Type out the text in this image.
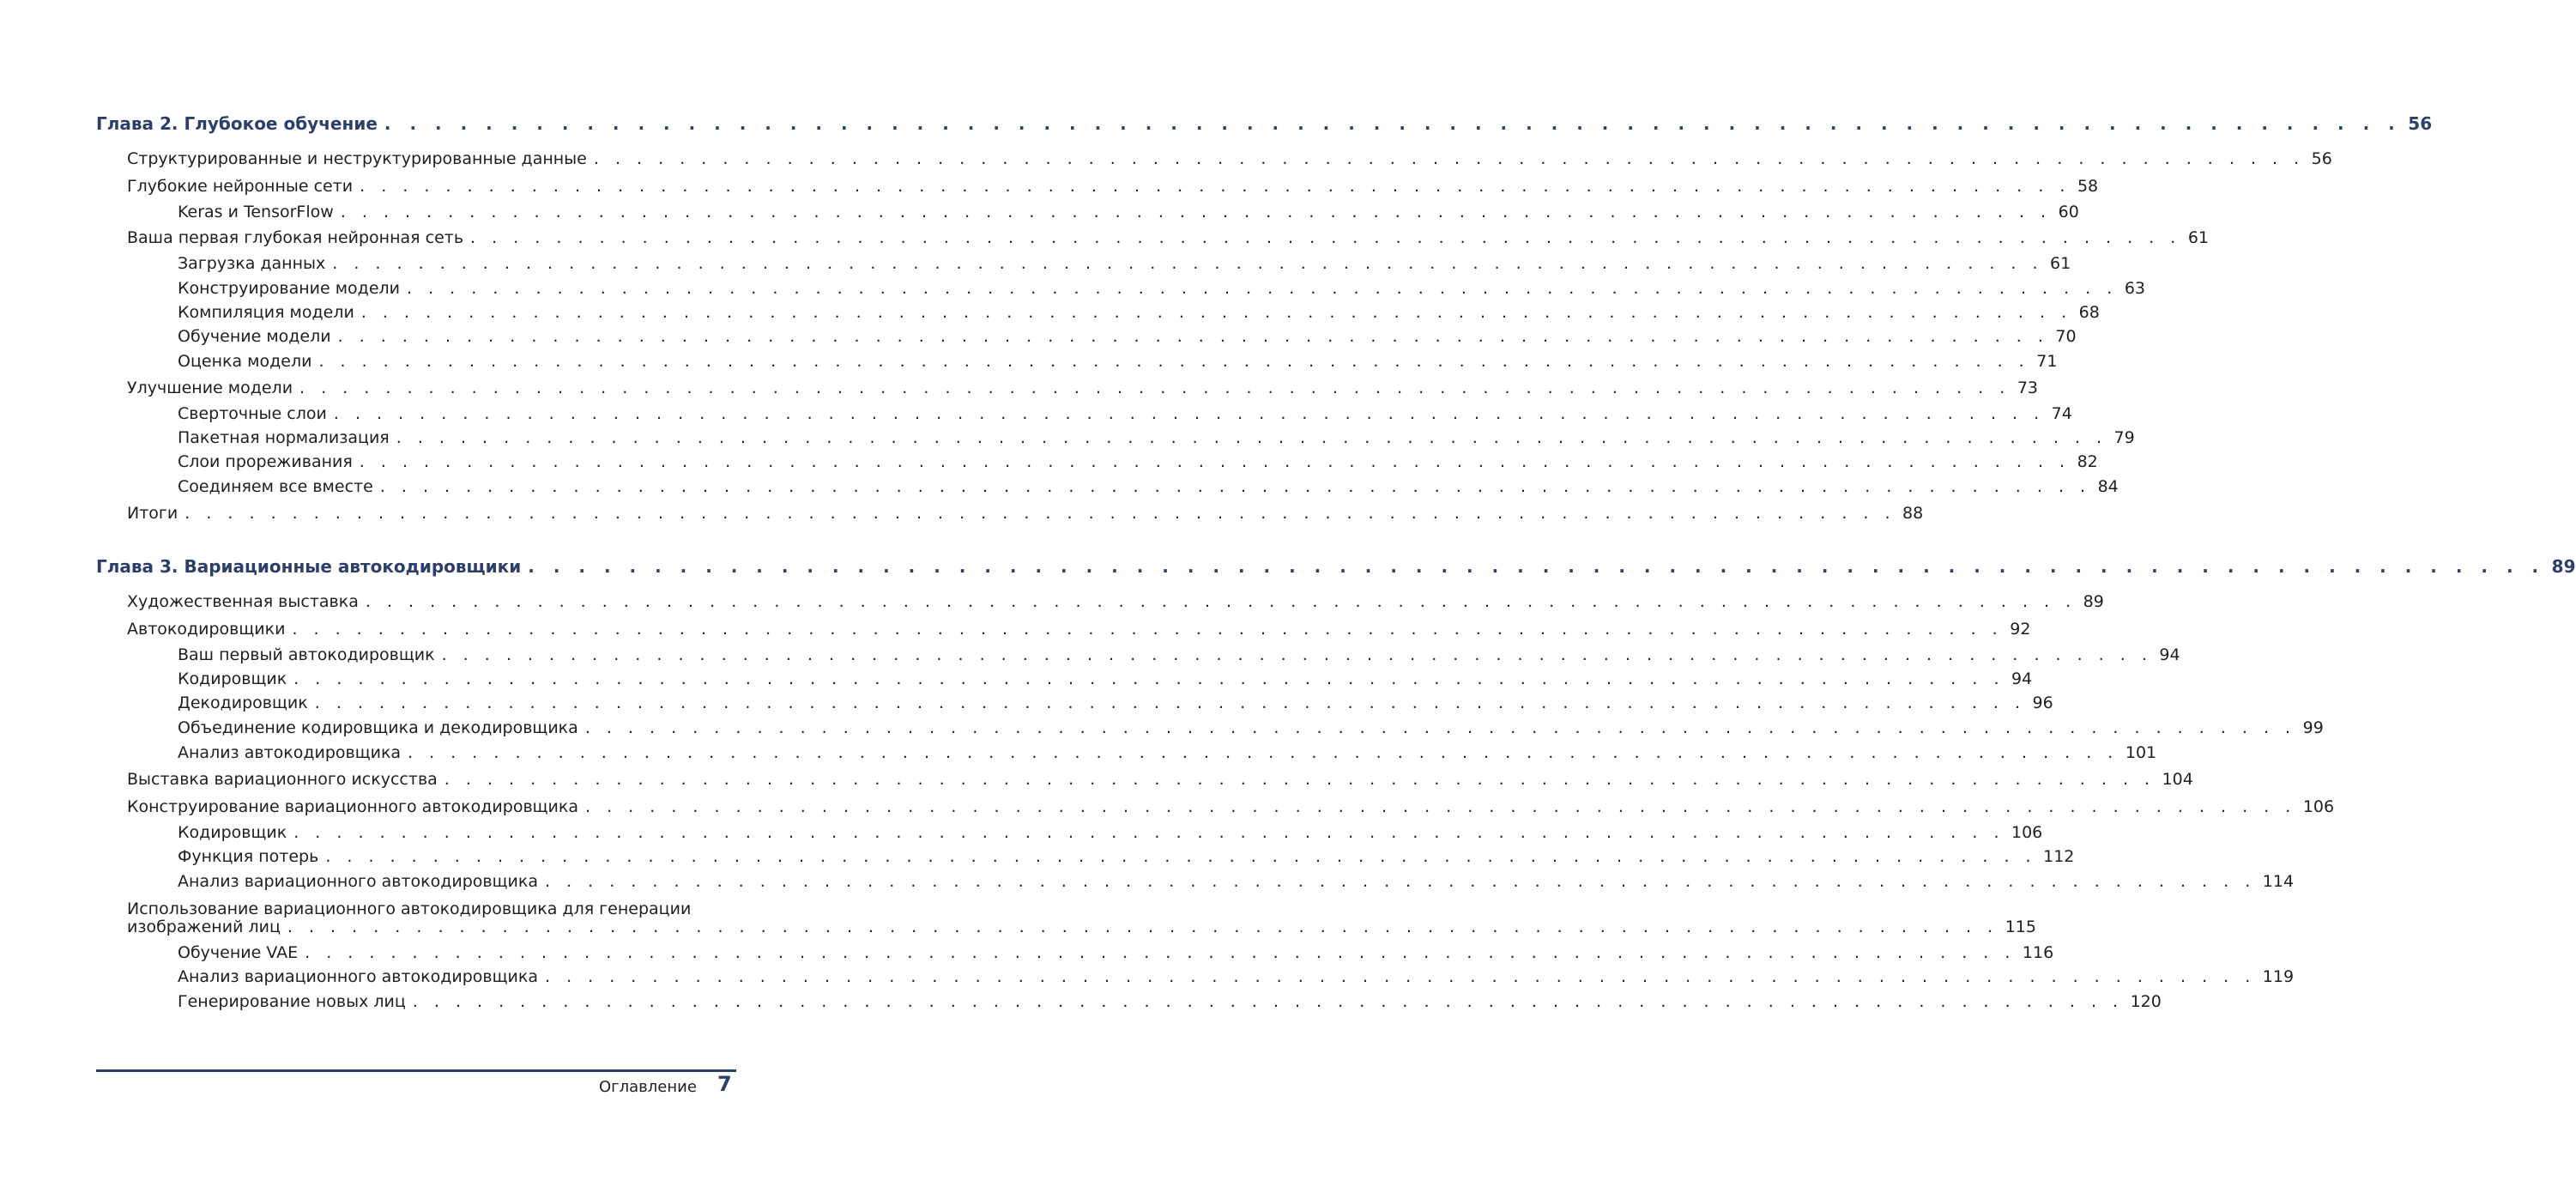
Глава 2. Глубокое обучение . . . . . . . . . . . . . . . . . . . . . . . . . . . . . . . . . . . . . . . . . . . . . . . . . . . . . . . . . . . . . . . . . . . . . . . . . . . . . . . . 56
Структурированные и неструктурированные данные . . . . . . . . . . . . . . . . . . . . . . . . . . . . . . . . . . . . . . . . . . . . . . . . . . . . . . . . . . . . . . . . . . . . . . . . . . . . . . . . 56
Глубокие нейронные сети . . . . . . . . . . . . . . . . . . . . . . . . . . . . . . . . . . . . . . . . . . . . . . . . . . . . . . . . . . . . . . . . . . . . . . . . . . . . . . . . 58
Keras и TensorFlow . . . . . . . . . . . . . . . . . . . . . . . . . . . . . . . . . . . . . . . . . . . . . . . . . . . . . . . . . . . . . . . . . . . . . . . . . . . . . . . . 60
Ваша первая глубокая нейронная сеть . . . . . . . . . . . . . . . . . . . . . . . . . . . . . . . . . . . . . . . . . . . . . . . . . . . . . . . . . . . . . . . . . . . . . . . . . . . . . . . . 61
Загрузка данных . . . . . . . . . . . . . . . . . . . . . . . . . . . . . . . . . . . . . . . . . . . . . . . . . . . . . . . . . . . . . . . . . . . . . . . . . . . . . . . . 61
Конструирование модели . . . . . . . . . . . . . . . . . . . . . . . . . . . . . . . . . . . . . . . . . . . . . . . . . . . . . . . . . . . . . . . . . . . . . . . . . . . . . . . . 63
Компиляция модели . . . . . . . . . . . . . . . . . . . . . . . . . . . . . . . . . . . . . . . . . . . . . . . . . . . . . . . . . . . . . . . . . . . . . . . . . . . . . . . . 68
Обучение модели . . . . . . . . . . . . . . . . . . . . . . . . . . . . . . . . . . . . . . . . . . . . . . . . . . . . . . . . . . . . . . . . . . . . . . . . . . . . . . . . 70
Оценка модели . . . . . . . . . . . . . . . . . . . . . . . . . . . . . . . . . . . . . . . . . . . . . . . . . . . . . . . . . . . . . . . . . . . . . . . . . . . . . . . . 71
Улучшение модели . . . . . . . . . . . . . . . . . . . . . . . . . . . . . . . . . . . . . . . . . . . . . . . . . . . . . . . . . . . . . . . . . . . . . . . . . . . . . . . . 73
Сверточные слои . . . . . . . . . . . . . . . . . . . . . . . . . . . . . . . . . . . . . . . . . . . . . . . . . . . . . . . . . . . . . . . . . . . . . . . . . . . . . . . . 74
Пакетная нормализация . . . . . . . . . . . . . . . . . . . . . . . . . . . . . . . . . . . . . . . . . . . . . . . . . . . . . . . . . . . . . . . . . . . . . . . . . . . . . . . . 79
Слои прореживания . . . . . . . . . . . . . . . . . . . . . . . . . . . . . . . . . . . . . . . . . . . . . . . . . . . . . . . . . . . . . . . . . . . . . . . . . . . . . . . . 82
Соединяем все вместе . . . . . . . . . . . . . . . . . . . . . . . . . . . . . . . . . . . . . . . . . . . . . . . . . . . . . . . . . . . . . . . . . . . . . . . . . . . . . . . . 84
Итоги . . . . . . . . . . . . . . . . . . . . . . . . . . . . . . . . . . . . . . . . . . . . . . . . . . . . . . . . . . . . . . . . . . . . . . . . . . . . . . . . 88
Глава 3. Вариационные автокодировщики . . . . . . . . . . . . . . . . . . . . . . . . . . . . . . . . . . . . . . . . . . . . . . . . . . . . . . . . . . . . . . . . . . . . . . . . . . . . . . . . 89
Художественная выставка . . . . . . . . . . . . . . . . . . . . . . . . . . . . . . . . . . . . . . . . . . . . . . . . . . . . . . . . . . . . . . . . . . . . . . . . . . . . . . . . 89
Автокодировщики . . . . . . . . . . . . . . . . . . . . . . . . . . . . . . . . . . . . . . . . . . . . . . . . . . . . . . . . . . . . . . . . . . . . . . . . . . . . . . . . 92
Ваш первый автокодировщик . . . . . . . . . . . . . . . . . . . . . . . . . . . . . . . . . . . . . . . . . . . . . . . . . . . . . . . . . . . . . . . . . . . . . . . . . . . . . . . . 94
Кодировщик . . . . . . . . . . . . . . . . . . . . . . . . . . . . . . . . . . . . . . . . . . . . . . . . . . . . . . . . . . . . . . . . . . . . . . . . . . . . . . . . 94
Декодировщик . . . . . . . . . . . . . . . . . . . . . . . . . . . . . . . . . . . . . . . . . . . . . . . . . . . . . . . . . . . . . . . . . . . . . . . . . . . . . . . . 96
Объединение кодировщика и декодировщика . . . . . . . . . . . . . . . . . . . . . . . . . . . . . . . . . . . . . . . . . . . . . . . . . . . . . . . . . . . . . . . . . . . . . . . . . . . . . . . . 99
Анализ автокодировщика . . . . . . . . . . . . . . . . . . . . . . . . . . . . . . . . . . . . . . . . . . . . . . . . . . . . . . . . . . . . . . . . . . . . . . . . . . . . . . . . 101
Выставка вариационного искусства . . . . . . . . . . . . . . . . . . . . . . . . . . . . . . . . . . . . . . . . . . . . . . . . . . . . . . . . . . . . . . . . . . . . . . . . . . . . . . . . 104
Конструирование вариационного автокодировщика . . . . . . . . . . . . . . . . . . . . . . . . . . . . . . . . . . . . . . . . . . . . . . . . . . . . . . . . . . . . . . . . . . . . . . . . . . . . . . . . 106
Кодировщик . . . . . . . . . . . . . . . . . . . . . . . . . . . . . . . . . . . . . . . . . . . . . . . . . . . . . . . . . . . . . . . . . . . . . . . . . . . . . . . . 106
Функция потерь . . . . . . . . . . . . . . . . . . . . . . . . . . . . . . . . . . . . . . . . . . . . . . . . . . . . . . . . . . . . . . . . . . . . . . . . . . . . . . . . 112
Анализ вариационного автокодировщика . . . . . . . . . . . . . . . . . . . . . . . . . . . . . . . . . . . . . . . . . . . . . . . . . . . . . . . . . . . . . . . . . . . . . . . . . . . . . . . . 114
Использование вариационного автокодировщика для генерации
изображений лиц . . . . . . . . . . . . . . . . . . . . . . . . . . . . . . . . . . . . . . . . . . . . . . . . . . . . . . . . . . . . . . . . . . . . . . . . . . . . . . . . 115
Обучение VAE . . . . . . . . . . . . . . . . . . . . . . . . . . . . . . . . . . . . . . . . . . . . . . . . . . . . . . . . . . . . . . . . . . . . . . . . . . . . . . . . 116
Анализ вариационного автокодировщика . . . . . . . . . . . . . . . . . . . . . . . . . . . . . . . . . . . . . . . . . . . . . . . . . . . . . . . . . . . . . . . . . . . . . . . . . . . . . . . . 119
Генерирование новых лиц . . . . . . . . . . . . . . . . . . . . . . . . . . . . . . . . . . . . . . . . . . . . . . . . . . . . . . . . . . . . . . . . . . . . . . . . . . . . . . . . 120
Оглавление 7
